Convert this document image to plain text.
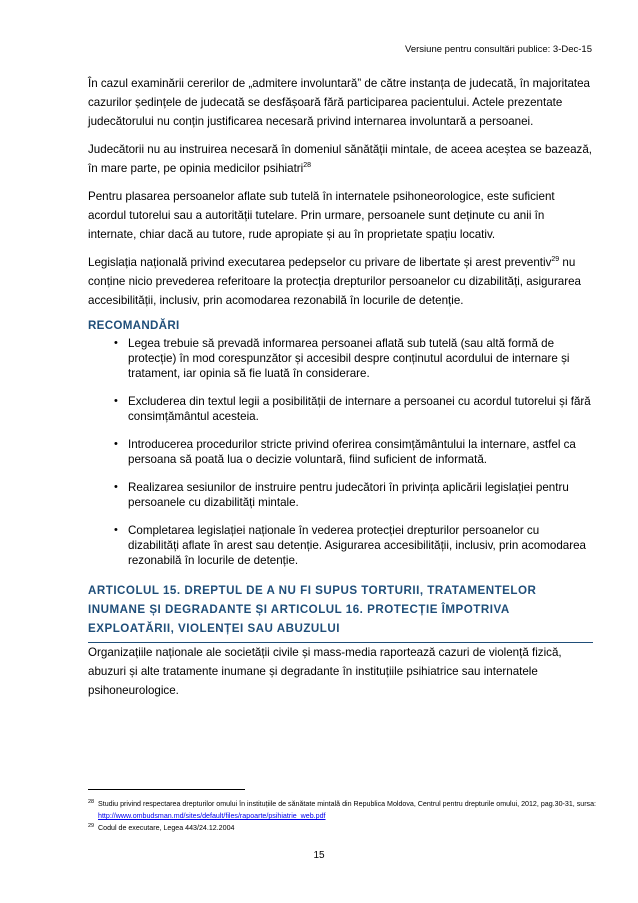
Versiune pentru consultări publice: 3-Dec-15

În cazul examinării cererilor de „admitere involuntară” de către instanța de judecată, în majoritatea cazurilor ședințele de judecată se desfășoară fără participarea pacientului. Actele prezentate judecătorului nu conțin justificarea necesară privind internarea involuntară a persoanei.

Judecătorii nu au instruirea necesară în domeniul sănătății mintale, de aceea aceștea se bazează, în mare parte, pe opinia medicilor psihiatri$^{28}$

Pentru plasarea persoanelor aflate sub tutelă în internatele psihoneorologice, este suficient acordul tutorelui sau a autorității tutelare. Prin urmare, persoanele sunt deținute cu anii în internate, chiar dacă au tutore, rude apropiate și au în proprietate spațiu locativ.

Legislația națională privind executarea pedepselor cu privare de libertate și arest preventiv$^{29}$ nu conține nicio prevederea referitoare la protecția drepturilor persoanelor cu dizabilități, asigurarea accesibilității, inclusiv, prin acomodarea rezonabilă în locurile de detenție.

RECOMANDĂRI
• Legea trebuie să prevadă informarea persoanei aflată sub tutelă (sau altă formă de protecție) în mod corespunzător și accesibil despre conținutul acordului de internare și tratament, iar opinia să fie luată în considerare.
• Excluderea din textul legii a posibilității de internare a persoanei cu acordul tutorelui și fără consimțământul acesteia.
• Introducerea procedurilor stricte privind oferirea consimțământului la internare, astfel ca persoana să poată lua o decizie voluntară, fiind suficient de informată.
• Realizarea sesiunilor de instruire pentru judecători în privința aplicării legislației pentru persoanele cu dizabilități mintale.
• Completarea legislației naționale în vederea protecției drepturilor persoanelor cu dizabilități aflate în arest sau detenție. Asigurarea accesibilității, inclusiv, prin acomodarea rezonabilă în locurile de detenție.
ARTICOLUL 15. DREPTUL DE A NU FI SUPUS TORTURII, TRATAMENTELOR INUMANE ȘI DEGRADANTE ȘI ARTICOLUL 16. PROTECȚIE ÎMPOTRIVA EXPLOATĂRII, VIOLENȚEI SAU ABUZULUI

Organizațiile naționale ale societății civile și mass-media raportează cazuri de violență fizică, abuzuri și alte tratamente inumane și degradante în instituțiile psihiatrice sau internatele psihoneurologice.

28 Studiu privind respectarea drepturilor omului în instituțiile de sănătate mintală din Republica Moldova, Centrul pentru drepturile omului, 2012, pag.30-31, sursa: http://www.ombudsman.md/sites/default/files/rapoarte/psihiatrie_web.pdf
29 Codul de executare, Legea 443/24.12.2004
15
